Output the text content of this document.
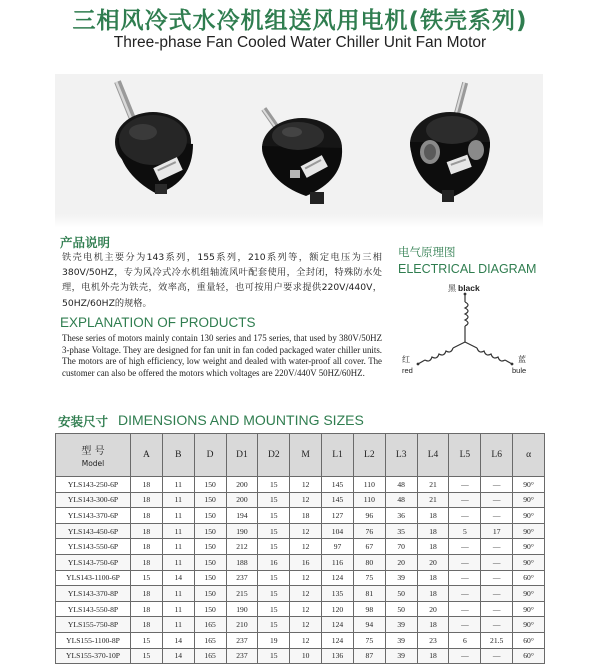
三相风冷式水冷机组送风用电机(铁壳系列)
Three-phase Fan Cooled Water Chiller Unit Fan Motor
产品说明
铁壳电机主要分为143系列，155系列，210系列等，额定电压为三相380V/50HZ，专为风冷式冷水机组轴流风叶配套使用，全封闭，特殊防水处理，电机外壳为铁壳，效率高，重量轻，也可按用户要求提供220V/440V，50HZ/60HZ的规格。
EXPLANATION OF PRODUCTS
These series of motors mainly contain 130 series and 175 series, that used by 380V/50HZ 3-phase Voltage. They are designed for fan unit in fan coded packaged water chiller units. The motors are of high efficiency, low weight and dealed with water-proof all cover. The customer can also be offered the motors which voltages are 220V/440V 50HZ/60HZ.
电气原理图
ELECTRICAL DIAGRAM
黑 black
红
red
蓝
bule
安装尺寸 DIMENSIONS AND MOUNTING SIZES
型 号
Model	A	B	D	D1	D2	M	L1	L2	L3	L4	L5	L6	α
YLS143-250-6P	18	11	150	200	15	12	145	110	48	21	—	—	90°
YLS143-300-6P	18	11	150	200	15	12	145	110	48	21	—	—	90°
YLS143-370-6P	18	11	150	194	15	18	127	96	36	18	—	—	90°
YLS143-450-6P	18	11	150	190	15	12	104	76	35	18	5	17	90°
YLS143-550-6P	18	11	150	212	15	12	97	67	70	18	—	—	90°
YLS143-750-6P	18	11	150	188	16	16	116	80	20	20	—	—	90°
YLS143-1100-6P	15	14	150	237	15	12	124	75	39	18	—	—	60°
YLS143-370-8P	18	11	150	215	15	12	135	81	50	18	—	—	90°
YLS143-550-8P	18	11	150	190	15	12	120	98	50	20	—	—	90°
YLS155-750-8P	18	11	165	210	15	12	124	94	39	18	—	—	90°
YLS155-1100-8P	15	14	165	237	19	12	124	75	39	23	6	21.5	60°
YLS155-370-10P	15	14	165	237	15	10	136	87	39	18	—	—	60°
